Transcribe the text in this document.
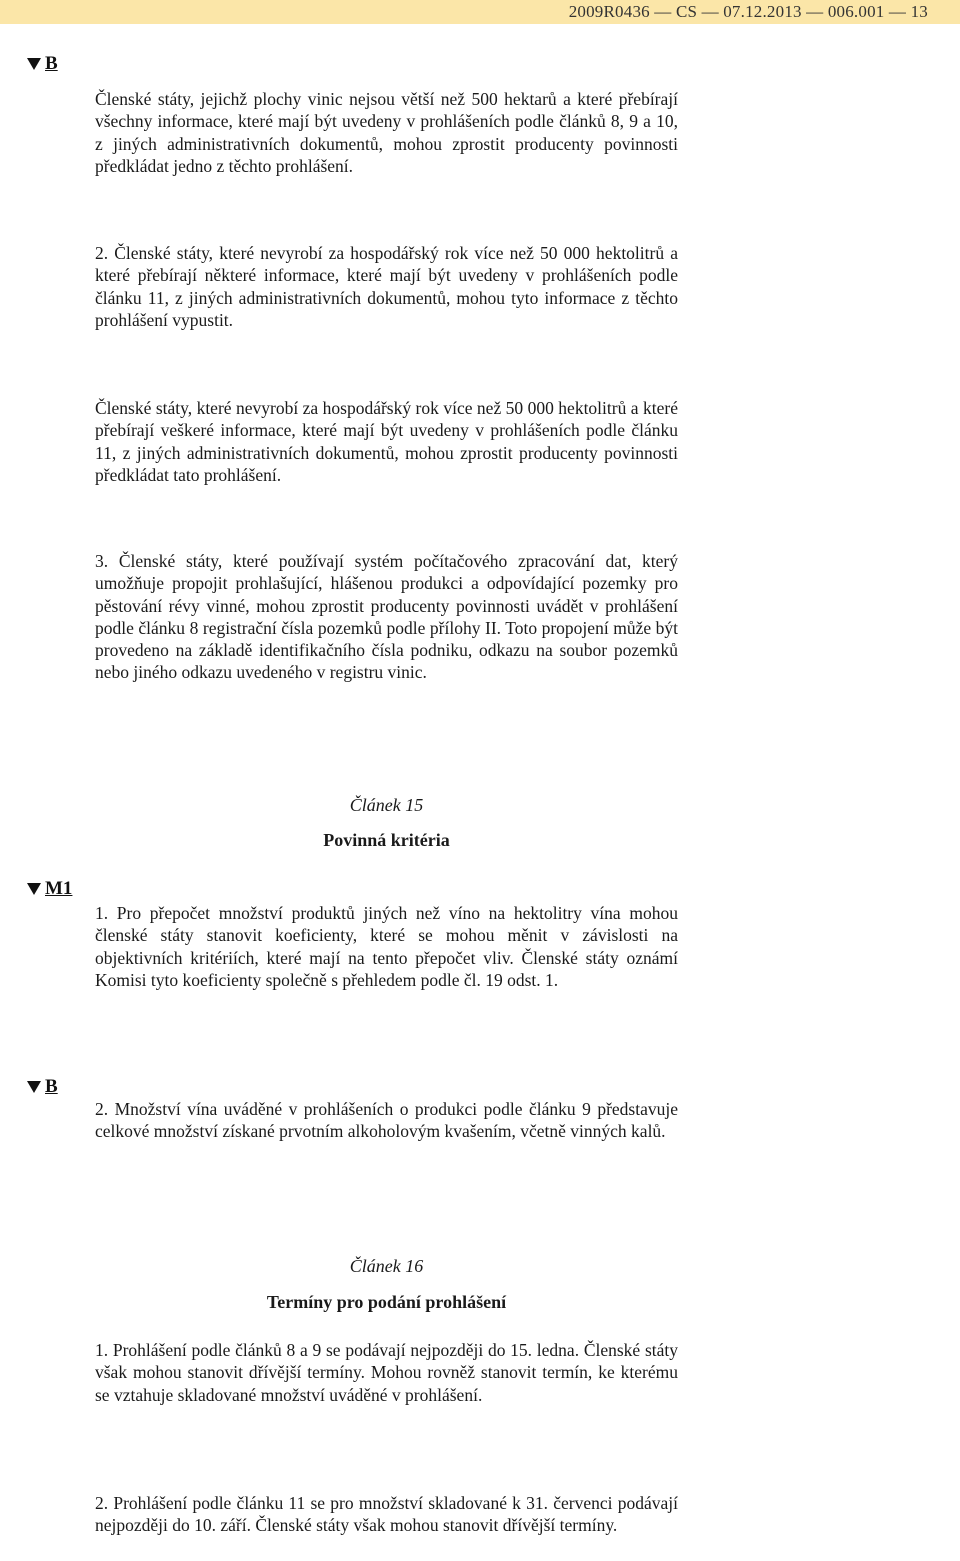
2009R0436 — CS — 07.12.2013 — 006.001 — 13
B
Členské státy, jejichž plochy vinic nejsou větší než 500 hektarů a které přebírají všechny informace, které mají být uvedeny v prohlášeních podle článků 8, 9 a 10, z jiných administrativních dokumentů, mohou zprostit producenty povinnosti předkládat jedno z těchto prohlášení.
2. Členské státy, které nevyrobí za hospodářský rok více než 50 000 hektolitrů a které přebírají některé informace, které mají být uvedeny v prohlášeních podle článku 11, z jiných administrativních dokumentů, mohou tyto informace z těchto prohlášení vypustit.
Členské státy, které nevyrobí za hospodářský rok více než 50 000 hektolitrů a které přebírají veškeré informace, které mají být uvedeny v prohlášeních podle článku 11, z jiných administrativních dokumentů, mohou zprostit producenty povinnosti předkládat tato prohlášení.
3. Členské státy, které používají systém počítačového zpracování dat, který umožňuje propojit prohlašující, hlášenou produkci a odpovídající pozemky pro pěstování révy vinné, mohou zprostit producenty povinnosti uvádět v prohlášení podle článku 8 registrační čísla pozemků podle přílohy II. Toto propojení může být provedeno na základě identifikačního čísla podniku, odkazu na soubor pozemků nebo jiného odkazu uvedeného v registru vinic.
Článek 15
Povinná kritéria
M1
1. Pro přepočet množství produktů jiných než víno na hektolitry vína mohou členské státy stanovit koeficienty, které se mohou měnit v závislosti na objektivních kritériích, které mají na tento přepočet vliv. Členské státy oznámí Komisi tyto koeficienty společně s přehledem podle čl. 19 odst. 1.
B
2. Množství vína uváděné v prohlášeních o produkci podle článku 9 představuje celkové množství získané prvotním alkoholovým kvašením, včetně vinných kalů.
Článek 16
Termíny pro podání prohlášení
1. Prohlášení podle článků 8 a 9 se podávají nejpozději do 15. ledna. Členské státy však mohou stanovit dřívější termíny. Mohou rovněž stanovit termín, ke kterému se vztahuje skladované množství uváděné v prohlášení.
2. Prohlášení podle článku 11 se pro množství skladované k 31. červenci podávají nejpozději do 10. září. Členské státy však mohou stanovit dřívější termíny.
